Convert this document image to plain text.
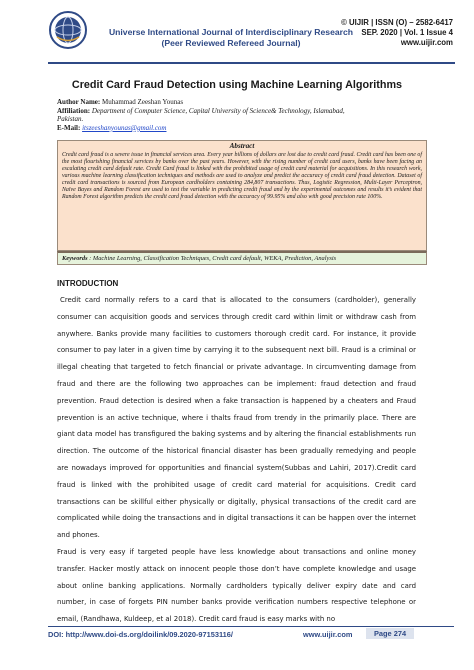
Universe International Journal of Interdisciplinary Research
(Peer Reviewed Refereed Journal)
© UIJIR | ISSN (O) – 2582-6417
SEP. 2020 | Vol. 1 Issue 4
www.uijir.com
Credit Card Fraud Detection using Machine Learning Algorithms
Author Name: Muhammad Zeeshan Younas
Affiliation: Department of Computer Science, Capital University of Science& Technology, Islamabad,
Pakistan.
E-Mail: itszeeshanyounas@gmail.com
Abstract
Credit card fraud is a severe issue in financial services area. Every year billions of dollars are lost due to credit card fraud. Credit card has been one of the most flourishing financial services by banks over the past years. However, with the rising number of credit card users, banks have been facing an escalating credit card default rate. Credit Card fraud is linked with the prohibited usage of credit card material for acquisitions. In this research work, various machine learning classification techniques and methods are used to analyze and predict the accuracy of credit card fraud detection. Dataset of credit card transactions is sourced from European cardholders containing 284,807 transactions. Thus, Logistic Regression, Multi-Layer Perceptron, Naïve Bayes and Random Forest are used to test the variable in predicting credit fraud and by the experimental outcomes and results it’s evident that Random Forest algorithm predicts the credit card fraud detection with the accuracy of 99.95% and also with good precision rate 100%.
Keywords : Machine Learning, Classification Techniques, Credit card default, WEKA, Prediction, Analysis
INTRODUCTION

Credit card normally refers to a card that is allocated to the consumers (cardholder), generally consumer can acquisition goods and services through credit card within limit or withdraw cash from anywhere. Banks provide many facilities to customers thorough credit card. For instance, it provide consumer to pay later in a given time by carrying it to the subsequent next bill. Fraud is a criminal or illegal cheating that targeted to fetch financial or private advantage. In circumventing damage from fraud and there are the following two approaches can be implement: fraud detection and fraud prevention. Fraud detection is desired when a fake transaction is happened by a cheaters and Fraud prevention is an active technique, where i thalts fraud from trendy in the primarily place. There are giant data model has transfigured the baking systems and by altering the financial establishments run direction. The outcome of the historical financial disaster has been gradually remedying and people are nowadays improved for opportunities and financial system(Subbas and Lahiri, 2017).Credit card fraud is linked with the prohibited usage of credit card material for acquisitions. Credit card transactions can be skillful either physically or digitally, physical transactions of the credit card are complicated while doing the transactions and in digital transactions it can be happen over the internet and phones.

Fraud is very easy if targeted people have less knowledge about transactions and online money transfer. Hacker mostly attack on innocent people those don’t have complete knowledge and usage about online banking applications. Normally cardholders typically deliver expiry date and card number, in case of forgets PIN number banks provide verification numbers respective telephone or email, (Randhawa, Kuldeep, et al 2018). Credit card fraud is easy marks with no

DOI: http://www.doi-ds.org/doilink/09.2020-97153116/	www.uijir.com	Page 274
